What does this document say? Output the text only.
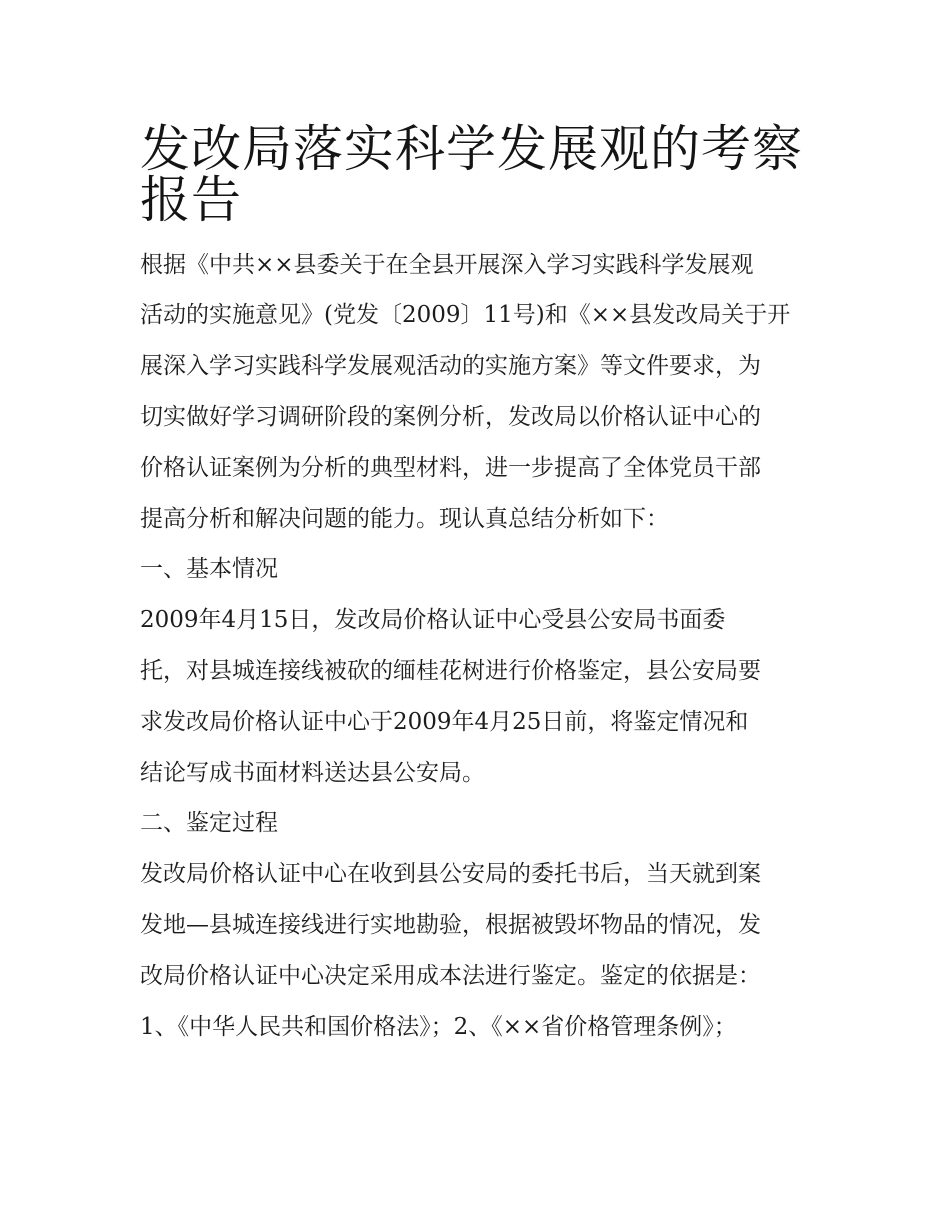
发改局落实科学发展观的考察
报告
根据《中共××县委关于在全县开展深入学习实践科学发展观
活动的实施意见》(党发〔2009〕11号)和《××县发改局关于开
展深入学习实践科学发展观活动的实施方案》等文件要求，为
切实做好学习调研阶段的案例分析，发改局以价格认证中心的
价格认证案例为分析的典型材料，进一步提高了全体党员干部
提高分析和解决问题的能力。现认真总结分析如下：
一、基本情况
2009年4月15日，发改局价格认证中心受县公安局书面委
托，对县城连接线被砍的缅桂花树进行价格鉴定，县公安局要
求发改局价格认证中心于2009年4月25日前，将鉴定情况和
结论写成书面材料送达县公安局。
二、鉴定过程
发改局价格认证中心在收到县公安局的委托书后，当天就到案
发地—县城连接线进行实地勘验，根据被毁坏物品的情况，发
改局价格认证中心决定采用成本法进行鉴定。鉴定的依据是：
1、《中华人民共和国价格法》；2、《××省价格管理条例》；
